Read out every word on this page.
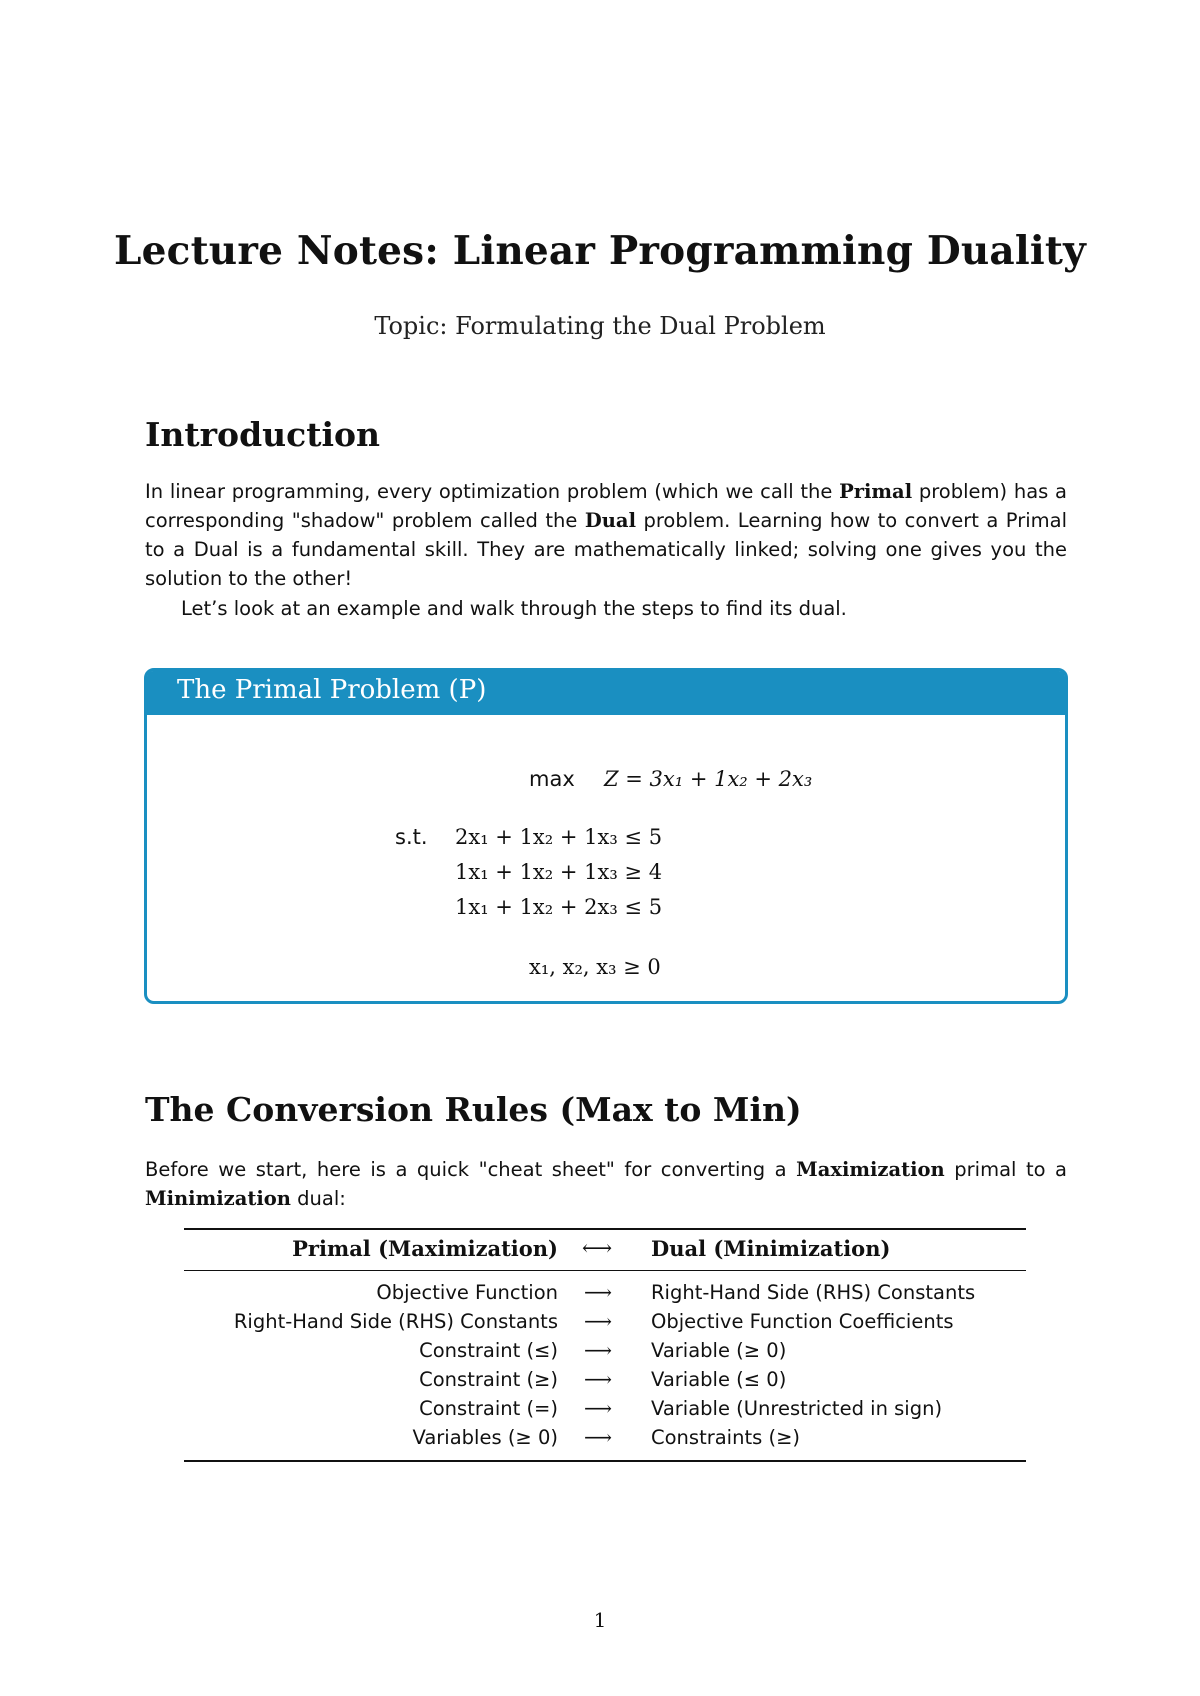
Lecture Notes: Linear Programming Duality
Topic: Formulating the Dual Problem
Introduction
In linear programming, every optimization problem (which we call the Primal problem) has a corresponding "shadow" problem called the Dual problem. Learning how to convert a Primal to a Dual is a fundamental skill. They are mathematically linked; solving one gives you the solution to the other!
Let’s look at an example and walk through the steps to find its dual.
The Primal Problem (P)
max Z = 3x₁ + 1x₂ + 2x₃
s.t. 2x₁ + 1x₂ + 1x₃ ≤ 5
1x₁ + 1x₂ + 1x₃ ≥ 4
1x₁ + 1x₂ + 2x₃ ≤ 5
x₁, x₂, x₃ ≥ 0
The Conversion Rules (Max to Min)
Before we start, here is a quick "cheat sheet" for converting a Maximization primal to a Minimization dual:
Primal (Maximization) ⟷ Dual (Minimization)
Objective Function ⟶ Right-Hand Side (RHS) Constants
Right-Hand Side (RHS) Constants ⟶ Objective Function Coefficients
Constraint (≤) ⟶ Variable (≥ 0)
Constraint (≥) ⟶ Variable (≤ 0)
Constraint (=) ⟶ Variable (Unrestricted in sign)
Variables (≥ 0) ⟶ Constraints (≥)
1
